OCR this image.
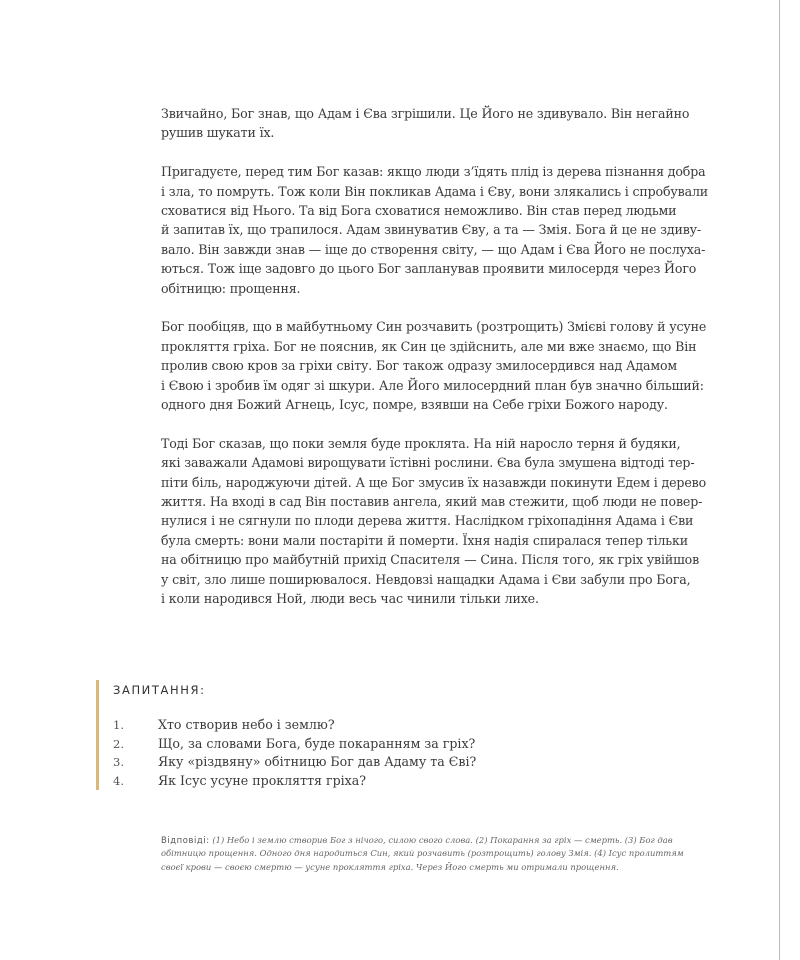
Звичайно, Бог знав, що Адам і Єва згрішили. Це Його не здивувало. Він негайно
рушив шукати їх.

Пригадуєте, перед тим Бог казав: якщо люди з’їдять плід із дерева пізнання добра
і зла, то помруть. Тож коли Він покликав Адама і Єву, вони злякались і спробували
сховатися від Нього. Та від Бога сховатися неможливо. Він став перед людьми
й запитав їх, що трапилося. Адам звинуватив Єву, а та — Змія. Бога й це не здиву-
вало. Він завжди знав — іще до створення світу, — що Адам і Єва Його не послуха-
ються. Тож іще задовго до цього Бог запланував проявити милосердя через Його
обітницю: прощення.

Бог пообіцяв, що в майбутньому Син розчавить (розтрощить) Змієві голову й усуне
прокляття гріха. Бог не пояснив, як Син це здійснить, але ми вже знаємо, що Він
пролив свою кров за гріхи світу. Бог також одразу змилосердився над Адамом
і Євою і зробив їм одяг зі шкури. Але Його милосердний план був значно більший:
одного дня Божий Агнець, Ісус, помре, взявши на Себе гріхи Божого народу.

Тоді Бог сказав, що поки земля буде проклята. На ній наросло терня й будяки,
які заважали Адамові вирощувати їстівні рослини. Єва була змушена відтоді тер-
піти біль, народжуючи дітей. А ще Бог змусив їх назавжди покинути Едем і дерево
життя. На вході в сад Він поставив ангела, який мав стежити, щоб люди не повер-
нулися і не сягнули по плоди дерева життя. Наслідком гріхопадіння Адама і Єви
була смерть: вони мали постаріти й померти. Їхня надія спиралася тепер тільки
на обітницю про майбутній прихід Спасителя — Сина. Після того, як гріх увійшов
у світ, зло лише поширювалося. Невдовзі нащадки Адама і Єви забули про Бога,
і коли народився Ной, люди весь час чинили тільки лихе.

ЗАПИТАННЯ:
1.	Хто створив небо і землю?
2.	Що, за словами Бога, буде покаранням за гріх?
3.	Яку «різдвяну» обітницю Бог дав Адаму та Єві?
4.	Як Ісус усуне прокляття гріха?
Відповіді: (1) Небо і землю створив Бог з нічого, силою свого слова. (2) Покарання за гріх — смерть. (3) Бог дав
обітницю прощення. Одного дня народиться Син, який розчавить (розтрощить) голову Змія. (4) Ісус пролиттям
своєї крови — своєю смертю — усуне прокляття гріха. Через Його смерть ми отримали прощення.
